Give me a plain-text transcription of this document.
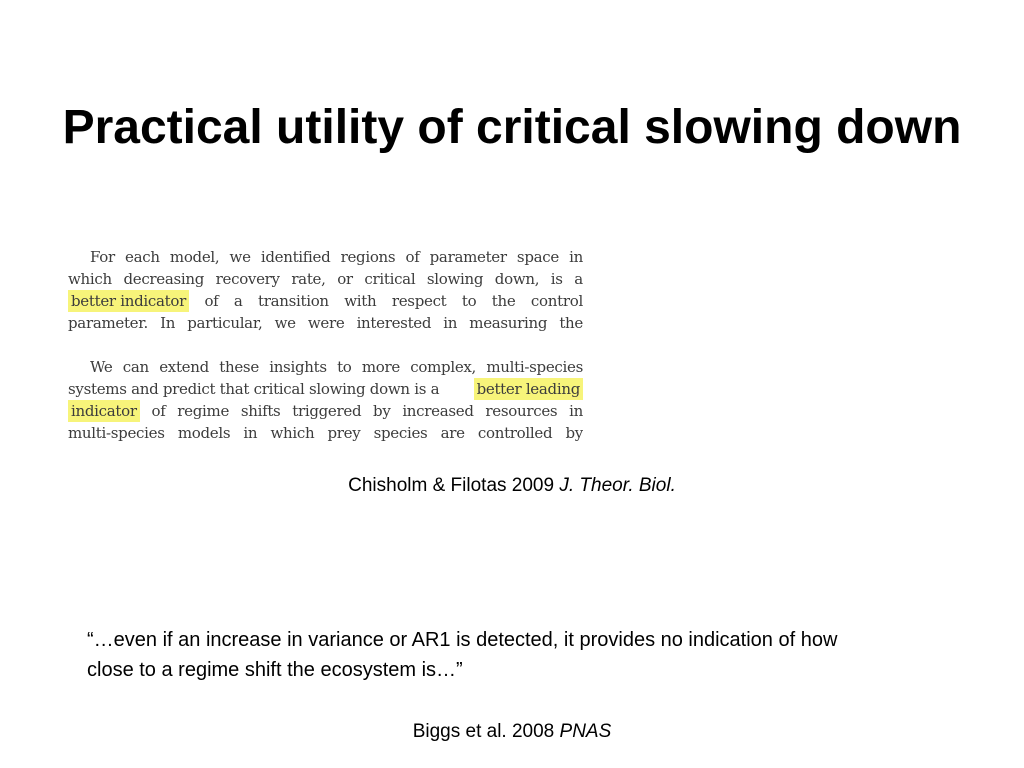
Practical utility of critical slowing down
For each model, we identified regions of parameter space in
which decreasing recovery rate, or critical slowing down, is a
better indicator of a transition with respect to the control
parameter. In particular, we were interested in measuring the
We can extend these insights to more complex, multi-species
systems and predict that critical slowing down is a better leading
indicator of regime shifts triggered by increased resources in
multi-species models in which prey species are controlled by
Chisholm & Filotas 2009 J. Theor. Biol.
“…even if an increase in variance or AR1 is detected, it provides no indication of how
close to a regime shift the ecosystem is…”
Biggs et al. 2008 PNAS
